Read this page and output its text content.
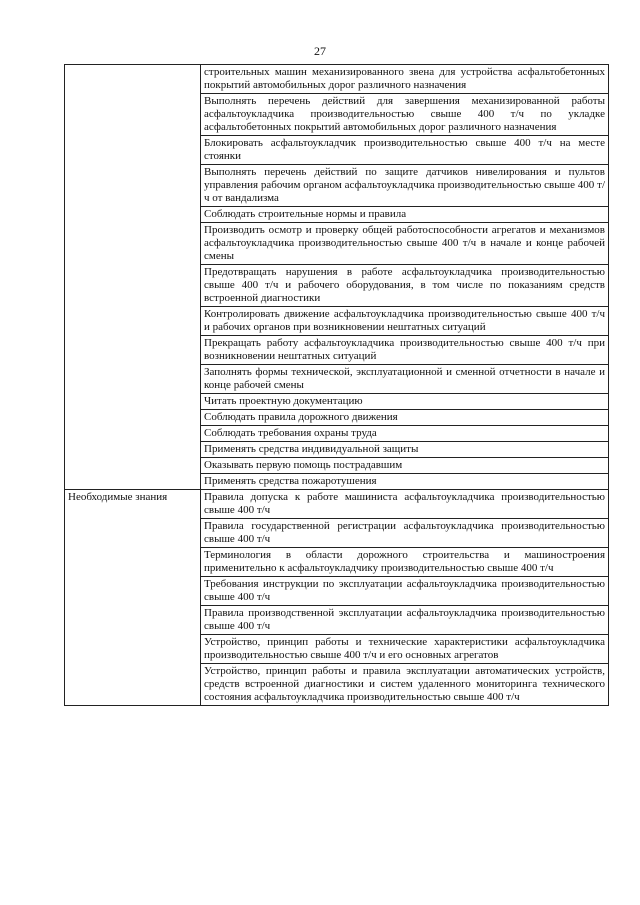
27
	строительных машин механизированного звена для устройства асфальтобетонных покрытий автомобильных дорог различного назначения
	Выполнять перечень действий для завершения механизированной работы асфальтоукладчика производительностью свыше 400 т/ч по укладке асфальтобетонных покрытий автомобильных дорог различного назначения
	Блокировать асфальтоукладчик производительностью свыше 400 т/ч на месте стоянки
	Выполнять перечень действий по защите датчиков нивелирования и пультов управления рабочим органом асфальтоукладчика производительностью свыше 400 т/ч от вандализма
	Соблюдать строительные нормы и правила
	Производить осмотр и проверку общей работоспособности агрегатов и механизмов асфальтоукладчика производительностью свыше 400 т/ч в начале и конце рабочей смены
	Предотвращать нарушения в работе асфальтоукладчика производительностью свыше 400 т/ч и рабочего оборудования, в том числе по показаниям средств встроенной диагностики
	Контролировать движение асфальтоукладчика производительностью свыше 400 т/ч и рабочих органов при возникновении нештатных ситуаций
	Прекращать работу асфальтоукладчика производительностью свыше 400 т/ч при возникновении нештатных ситуаций
	Заполнять формы технической, эксплуатационной и сменной отчетности в начале и конце рабочей смены
	Читать проектную документацию
	Соблюдать правила дорожного движения
	Соблюдать требования охраны труда
	Применять средства индивидуальной защиты
	Оказывать первую помощь пострадавшим
	Применять средства пожаротушения
Необходимые знания	Правила допуска к работе машиниста асфальтоукладчика производительностью свыше 400 т/ч
	Правила государственной регистрации асфальтоукладчика производительностью свыше 400 т/ч
	Терминология в области дорожного строительства и машиностроения применительно к асфальтоукладчику производительностью свыше 400 т/ч
	Требования инструкции по эксплуатации асфальтоукладчика производительностью свыше 400 т/ч
	Правила производственной эксплуатации асфальтоукладчика производительностью свыше 400 т/ч
	Устройство, принцип работы и технические характеристики асфальтоукладчика производительностью свыше 400 т/ч и его основных агрегатов
	Устройство, принцип работы и правила эксплуатации автоматических устройств, средств встроенной диагностики и систем удаленного мониторинга технического состояния асфальтоукладчика производительностью свыше 400 т/ч
